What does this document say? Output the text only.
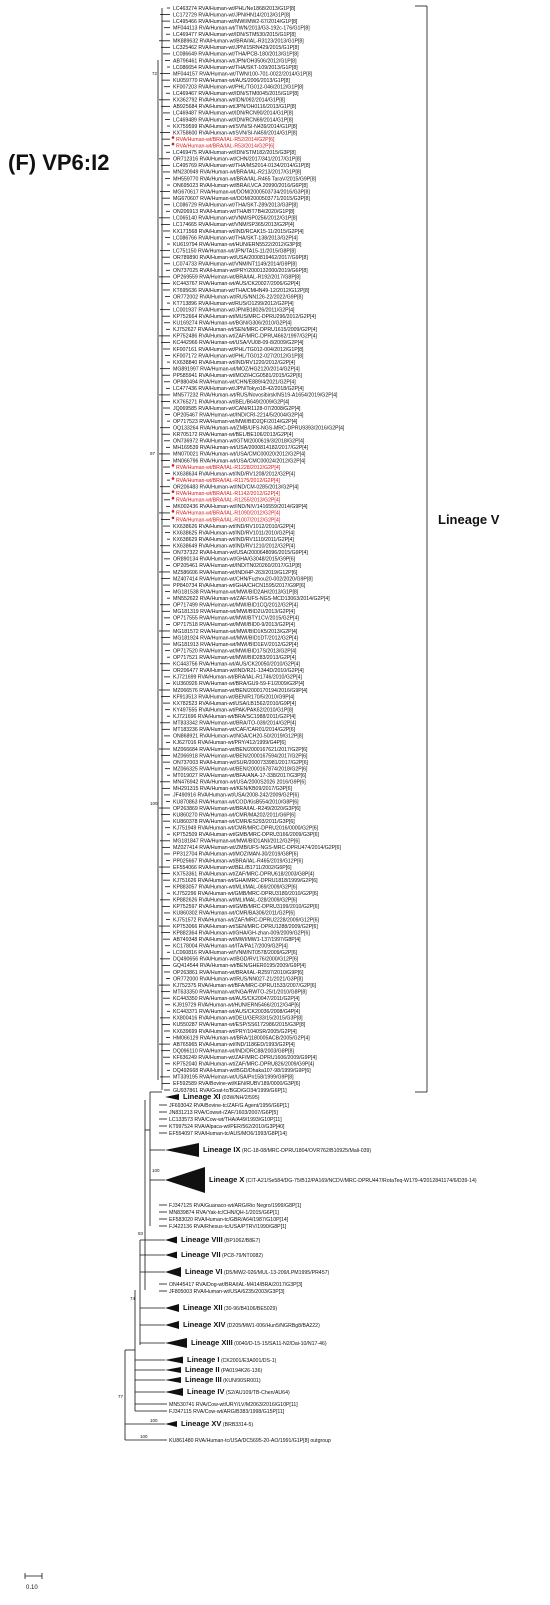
(F) VP6:I2
LC463274 RVA/Human-wt/PHL/Ne1868/2013/G1P[8]
LC172729 RVA/Human-wt/JPN/HN14/2013/G1P[8]
LC495466 RVA/Human-wt/MWI/MW2-67/2014/G1P[8]
MF044113 RVA/Human-wt/TWN/2013/G3-192c-176/G1P[8]
LC469477 RVA/Human-wt/IDN/STM530/2015/G1P[8]
MK889632 RVA/Human-wt/BRA/IAL-R3123/2013/G1P[8]
LC325462 RVA/Human-wt/JPN/15RN429/2015/G1P[8]
LC086649 RVA/Human-wt/THA/PCB-180/2013/G1P[8]
AB796461 RVA/Human-wt/JPN/OH3506/2012/G1P[8]
LC086654 RVA/Human-wt/THA/SKT-109/2013/G1P[8]
MF044157 RVA/Human-wt/TWN/100-701-0022/2014/G1P[8]
KU059770 RVA/Human-wt/AUS/2006/2013/G1P[8]
KF007203 RVA/Human-wt/PHL/TG012-046/2012/G1P[8]
LC469467 RVA/Human-wt/IDN/STM0045/2015/G1P[8]
KX362792 RVA/Human-wt/IDN/092/2014/G1P[8]
AB925684 RVA/Human-wt/JPN/OH0116/2013/G1P[8]
LC469487 RVA/Human-wt/IDN/RCN90/2014/G1P[8]
LC469489 RVA/Human-wt/IDN/RCN69/2014/G1P[8]
KX759599 RVA/Human-wt/SVN/SI-N439/2014/G1P[8]
KX758600 RVA/Human-wt/SVN/SI-N459/2014/G1P[8]
RVA/Human-wt/BRA/IAL-R52/2014/G2P[6]
RVA/Human-wt/BRA/IAL-R53/2014/G2P[6]
LC469475 RVA/Human-wt/IDN/STM182/2015/G3P[8]
OR712316 RVA/Human-wt/CHN/2017/341/2017/G1P[8]
LC495769 RVA/Human-wt/THA/MS2014-0134/2014/G1P[8]
MN230949 RVA/Human-wt/BRA/IAL-R213/2017/G1P[8]
MH559770 RVA/Human-wt/BRA/IAL-R465 TaraV/2015/G9P[8]
ON695023 RVA/Human-wt/BRA/LVCA 20990/2016/G6P[8]
MG670617 RVA/Human-wt/DOM/2000503734/2016/G3P[8]
MG670607 RVA/Human-wt/DOM/2000503771/2015/G3P[8]
LC086729 RVA/Human-wt/THA/SKT-289/2013/G3P[8]
ON206913 RVA/Human-wt/THA/BT7B4/2020/G1P[8]
LC065140 RVA/Human-wt/VNM/SP0256/2012/G1P[8]
LC174665 RVA/Human-wt/VNM/SP365/2013/G2P[4]
KX171568 RVA/Human-wt/IND/RCAK15-11/2015/G2P[4]
LC086766 RVA/Human-wt/THA/SKT-138/2013/G2P[4]
KU619794 RVA/Human-wt/HUN/ERN5522/2012/G3P[8]
LC751150 RVA/Human-wt/JPN/TA15-11/2015/G8P[8]
OR789890 RVA/Human-wt/USA/2000819462/2017/G9P[8]
LC074733 RVA/Human-wt/VNM/NT1149/2014/G9P[8]
ON737025 RVA/Human-wt/PRY/2000132000/2019/G6P[8]
OP269559 RVA/Human-wt/BRA/IAL-R192/2017/G8P[8]
KC443767 RVA/Human-wt/AUS/CK20027/2006/G2P[4]
KT695636 RVA/Human-wt/THA/CMHN49-12/2012/G12P[8]
OR772002 RVA/Human-wt/RUS/NN126-22/2022/G9P[8]
KT713896 RVA/Human-wt/RUS/O1299/2012/G2P[4]
LC001937 RVA/Human-wt/JPN/B18026/2011/G2P[4]
KP752664 RVA/Human-wt/MUS/MRC-DPRU296/2012/G2P[4]
KU169274 RVA/Human-wt/BGN/G306/2010/G2P[4]
KJ752627 RVA/Human-wt/SEN/MRC-DPRU1615/2009/G2P[4]
KP752486 RVA/Human-wt/ZAF/MRC-DPRU4662/1997/G2P[4]
KC442966 RVA/Human-wt/USA/VU08-09-8/2009/G2P[4]
KF007161 RVA/Human-wt/PHL/TG012-004/2012/G1P[8]
KF007172 RVA/Human-wt/PHL/TG012-027/2012/G1P[8]
KX638840 RVA/Human-wt/IND/RV1220/2012/G2P[4]
MG891997 RVA/Human-wt/MOZ/HG2120/2014/G2P[4]
PP585941 RVA/Human-wt/MOZ/HCG0581/2015/G2P[6]
OP880494 RVA/Human-wt/CHN/E889/4/2021/G2P[4]
LC477436 RVA/Human-wt/JPN/Tokyo18-42/2018/G2P[4]
MN577232 RVA/Human-wt/RUS/Novosibirsk/NS19-A1654/2019/G2P[4]
KX765271 RVA/Human-wt/BEL/B649/2009/G2P[4]
JQ069585 RVA/Human-wt/CAN/R1128-07/2008/G2P[4]
OP205467 RVA/Human-wt/IND/CRI-2214/5/2004/G2P[4]
OP717523 RVA/Human-wt/MWI/BID2QF/2014/G2P[4]
OQ133264 RVA/Human-wt/ZMB/UFS-NGS-MRC-DPRU9393/2016/G2P[4]
KR705172 RVA/Human-wt/BEL/BE106/2013/G2P[4]
ON736972 RVA/Human-wt/GTM/2000619/3/2018/G2P[4]
MH169539 RVA/Human-wt/USA/2000814182/2017/G2P[4]
MN070021 RVA/Human-wt/USA/CMC00020/2012/G2P[4]
MN066796 RVA/Human-wt/USA/CMC00024/2012/G2P[4]
RVA/Human-wt/BRA/IAL-R1228/2012/G2P[4]
KX638634 RVA/Human-wt/IND/RV1208/2012/G2P[4]
RVA/Human-wt/BRA/IAL-R1175/2012/G2P[4]
OR206483 RVA/Human-wt/IND/CM-0285/2013/G2P[4]
RVA/Human-wt/BRA/IAL-R1142/2012/G2P[4]
RVA/Human-wt/BRA/IAL-R1255/2013/G2P[4]
MK002436 RVA/Human-wt/IND/NIV/1416559/2014/G9P[4]
RVA/Human-wt/BRA/IAL-R1090/2012/G2P[4]
RVA/Human-wt/BRA/IAL-R1007/2012/G2P[4]
KX638626 RVA/Human-wt/IND/RV1012/2010/G2P[4]
KX638625 RVA/Human-wt/IND/RV1011/2010/G2P[4]
KX638629 RVA/Human-wt/IND/RV1110/2011/G2P[4]
KX638649 RVA/Human-wt/IND/RV1210/2012/G2P[4]
ON737322 RVA/Human-wt/USA/2000648096/2015/G9P[4]
OR890134 RVA/Human-wt/GHA/G3048/2015/G9P[6]
OP205461 RVA/Human-wt/IND/TN020260/2017/G1P[8]
MZ586606 RVA/Human-wt/IND/HP-263/2019/G12P[6]
MZ407414 RVA/Human-wt/CHN/Fuzhou20-002/2020/G9P[8]
PP840734 RVA/Human-wt/GHA/CHCN1595/2017/G9P[6]
MG181538 RVA/Human-wt/MWI/BID2AH/2013/G1P[8]
MN552622 RVA/Human-wt/ZAF/UFS-NGS-MCD13063/2014/G2P[4]
OP717499 RVA/Human-wt/MWI/BID1CQ/2012/G2P[4]
MG181319 RVA/Human-wt/MWI/BID2U/2013/G2P[4]
OP717555 RVA/Human-wt/MWI/BTY1CV/2015/G2P[4]
OP717518 RVA/Human-wt/MWI/BID0-9/2013/G2P[4]
MG181572 RVA/Human-wt/MWI/BID1K5/2013/G2P[4]
MG181924 RVA/Human-wt/MWI/BID1DT/2012/G2P[4]
MG181913 RVA/Human-wt/MWI/BID1EV/2012/G2P[4]
OP717520 RVA/Human-wt/MWI/BID17S/2013/G2P[4]
OP717521 RVA/Human-wt/MWI/BID283/2013/G2P[4]
KC443756 RVA/Human-wt/AUS/CK20050/2010/G2P[4]
OR206477 RVA/Human-wt/IND/R21-1344D/2010/G2P[4]
KJ721699 RVA/Human-wt/BRA/IAL-R1746/2010/G2P[4]
KU360926 RVA/Human-wt/BRA/GU9-59-F1/2009/G2P[4]
MZ066576 RVA/Human-wt/BEN/2000170194/2016/G9P[4]
KF913513 RVA/Human-wt/BEN/R170/5/2010/G9P[4]
KX782523 RVA/Human-wt/USA/LB1562/2010/G9P[4]
KY497555 RVA/Human-wt/PAK/PAK62/2010/G1P[8]
KJ721696 RVA/Human-wt/BRA/SC1988/2011/G2P[4]
MT833342 RVA/Human-wt/BRA/TO-039/2014/G2P[4]
MT183236 RVA/Human-wt/CAF/CAR01/2014/G2P[6]
ON868921 RVA/Human-wt/NGA/CH20-50/2019/G12P[8]
KJ627016 RVA/Human-wt/PRY/412/1999/G4P[6]
MZ066684 RVA/Human-wt/BEN/2000167621/2017/G2P[6]
MZ066918 RVA/Human-wt/BEN/2000167594/2017/G2P[6]
ON737003 RVA/Human-wt/SUR/2000733981/2017/G2P[6]
MZ066325 RVA/Human-wt/BEN/2000167874/2018/G2P[6]
MT019027 RVA/Human-wt/BFA/ANA-17-338/2017/G3P[6]
MN476942 RVA/Human-wt/USA/2000S2026 2016/G9P[6]
MH291315 RVA/Human-wt/KEN/KB09/2017/G3P[6]
JF490916 RVA/Human-wt/USA/2008-242/2009/G2P[6]
KU870863 RVA/Human-wt/COD/KisB554/2010/G8P[6]
OP263869 RVA/Human-wt/BRA/IAL-R249/2020/G3P[6]
KU860270 RVA/Human-wt/CMR/MA202/2011/G6P[6]
KU860378 RVA/Human-wt/CMR/ES293/2011/G3P[6]
KJ751949 RVA/Human-wt/CMR/MRC-DPRU2016/0000/G2P[6]
KP752509 RVA/Human-wt/GMB/MRC-DPRU3166/2009/G3P[6]
MG181847 RVA/Human-wt/MWI/BID1ANI/2012/G2P[6]
MZ027414 RVA/Human-wt/ZMB/UFS-NGS-MRC-DPRU474/2014/G2P[6]
PP312704 RVA/Human-wt/MOZ/MAN-30/2019/G8P[6]
PP025667 RVA/Human-wt/BRA/IAL-R465/2019/G12P[6]
EF554066 RVA/Human-wt/BEL/B1711/2002/G6P[6]
KX753361 RVA/Human-wt/ZAF/MRC-DPRU618/2003/G8P[4]
KJ751626 RVA/Human-wt/GHA/MRC-DPRU1818/1999/G2P[6]
KP883057 RVA/Human-wt/MLI/MAL-069/2009/G2P[6]
KJ752296 RVA/Human-wt/GMB/MRC-DPRU3180/2010/G2P[6]
KP882626 RVA/Human-wt/MLI/MAL-028/2009/G2P[6]
KP752597 RVA/Human-wt/GMB/MRC-DPRU3199/2010/G2P[6]
KU860302 RVA/Human-wt/CMR/BA306/2011/G2P[6]
KJ751572 RVA/Human-wt/ZAF/MRC-DPRU2228/2009/G12P[6]
KP753066 RVA/Human-wt/SEN/MRC-DPRU1288/2009/G2P[6]
KP882364 RVA/Human-wt/GHA/GH-zhan-009/2009/G2P[6]
AB749348 RVA/Human-wt/MWI/MW1-137/1997/G8P[4]
KC178004 RVA/Human-wt/ITA/PA17/2009/G2P[4]
LC060816 RVA/Human-wt/VNM/NT0578/2009/G2P[6]
DQ490656 RVA/Human-wt/BGD/RV176/2000/G12P[6]
GQ414544 RVA/Human-wt/BEN/GHER0195/2009/G9P[4]
OP263861 RVA/Human-wt/BRA/IAL-R2597/2010/G9P[6]
OR772000 RVA/Human-wt/RUS/NN027-21/2021/G3P[8]
KJ752375 RVA/Human-wt/BFA/MRC-DPRU1533/2007/G2P[6]
MT633350 RVA/Human-wt/NGA/RWTO-25/1/2010/G8P[8]
KC443350 RVA/Human-wt/AUS/CK20047/2011/G2P[4]
KJ919729 RVA/Human-wt/HUN/ERN5466/2012/G4P[6]
KC443371 RVA/Human-wt/AUS/CK20036/2008/G4P[4]
KX800416 RVA/Human-wt/DEU/GER33/15/2015/G3P[8]
KU550287 RVA/Human-wt/ESP/SS6172986/2015/G3P[8]
KX639699 RVA/Human-wt/PRY/1040SR/2005/G2P[4]
HM066129 RVA/Human-wt/BRA/1180005ACB/2005/G2P[4]
AB765965 RVA/Human-wt/IND/1186ED/1993/G2P[4]
DQ096110 RVA/Human-wt/IND/DRC88/2003/G8P[8]
KF636249 RVA/Human-wt/ZAF/MRC-DPRU1606/2009/G9P[4]
KP752040 RVA/Human-wt/ZAF/MRC-DPRU826/2009/G9P[4]
DQ492668 RVA/Human-wt/BGD/Dhaka107-98/1999/G9P[6]
MT339195 RVA/Human-wt/USA/Pn158/1999/G9P[8]
EF592589 RVA/Bovine-wt/KEN/RUBV189/0000/G3P[6]
GU937861 RVA/Goat-tc/BGD/GO34/1999/G6P[1]
Lineage V
72
97
100
Lineage XI (03W/NH/2/595)
JF693042 RVA/Bovine-tc/ZAF/G Agent/1956/G6P[1]
JN831213 RVA/Cowwt-/ZAF/1603/2007/G6P[5]
LC133573 RVA/Cow-wt/THA/A49/1993/G10P[11]
KT997524 RVA/Alpaca-wt/PER/562/2010/G3P[40]
EF554097 RVA/Human-tc/AUS/MO6/1993/G8P[14]
Lineage IX (RC-18-08/MRC-DPRU1804/OVR762/B10925/Mali-039)
Lineage X (CIT-A21/Se584/DG-75/B12/PA169/NCDV/MRC-DPRU447/RotaTeq-W179-4/2012841174/6/D39-14)
FJ347125 RVA/Guanaco-wt/ARG/Rio Negro/1999/G8P[1]
MN839874 RVA/Yak-tc/CHN/QH-1/2015/G6P[1]
EF583020 RVA/Human-tc/GBR/A64/1987/G10P[14]
FJ422136 RVA/Rhesus-tc/USA/PTRV/1990/G8P[1]
Lineage VIII (BP1062/B8E7)
Lineage VII (PC8-79/NT0082)
Lineage VI (D5/MW2-026/MUL-13-209/LPM1995/PR457)
ON445417 RVA/Dog-wt/BRA/IAL-M414/BRA/2017/G3P[3]
JF805003 RVA/Human-wt/USA/6235/2003/G3P[3]
Lineage XII (30-96/B4106/BE5029)
Lineage XIV (D205/MW1-006/Hun5/NGRBg8/BA222)
Lineage XIII (0040/D-15-15/SA11-N2/Dai-10/N17-46)
Lineage I (CK2001/E3A001/DS-1)
Lineage II (PA0194K26-136)
Lineage III (KUN/90SR001)
Lineage IV (S2/AU109/TB-Chen/AU64)
MN530741 RVA/Cow-wt/URY/LV/M2063/2016/G10P[11]
FJ347115 RVA/Cow-wt/ARG/B383/1998/G15P[11]
Lineage XV (BRB3314-5)
KU861480 RVA/Human-tc/USA/DC5695-20-AO/1991/G1P[8] outgroup
100
100
100
74
77
93
0.10
